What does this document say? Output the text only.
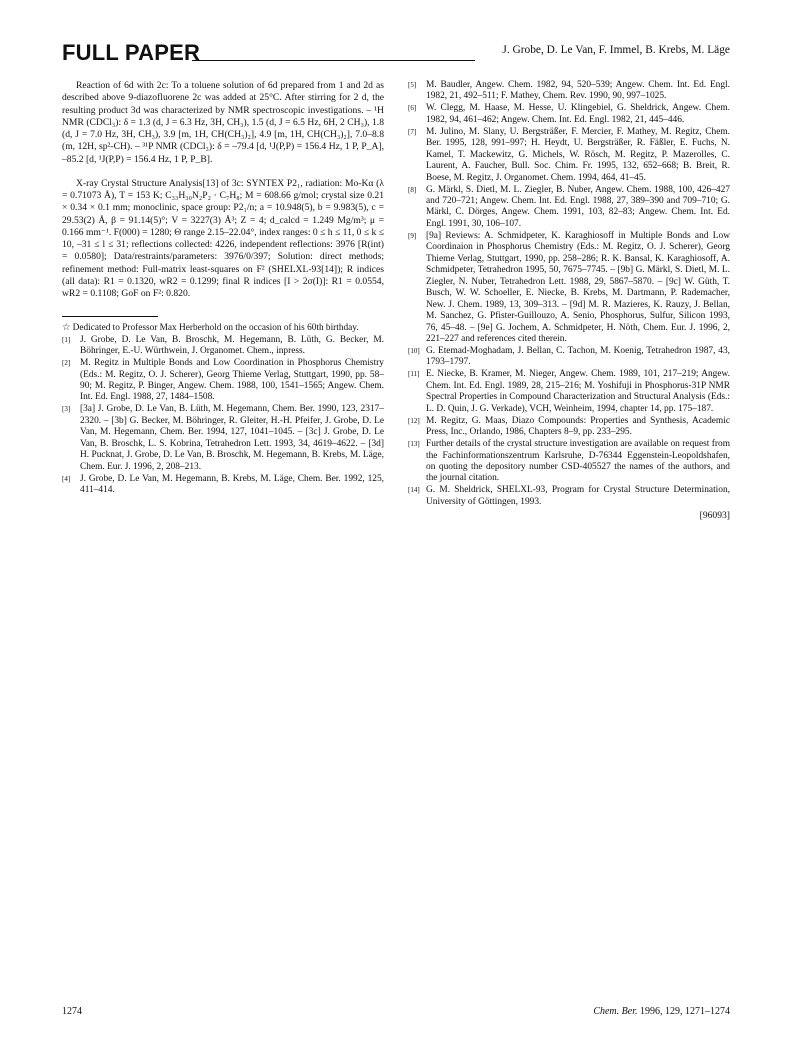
FULL PAPER	J. Grobe, D. Le Van, F. Immel, B. Krebs, M. Läge

Reaction of 6d with 2c: To a toluene solution of 6d prepared from 1 and 2d as described above 9-diazofluorene 2c was added at 25°C. After stirring for 2 d, the resulting product 3d was characterized by NMR spectroscopic investigations. – ¹H NMR (CDCl₃): δ = 1.3 (d, J = 6.3 Hz, 3H, CH₃), 1.5 (d, J = 6.5 Hz, 6H, 2 CH₃), 1.8 (d, J = 7.0 Hz, 3H, CH₃), 3.9 [m, 1H, CH(CH₃)₂], 4.9 [m, 1H, CH(CH₃)₂], 7.0–8.8 (m, 12H, sp²-CH). – ³¹P NMR (CDCl₃): δ = –79.4 [d, ¹J(P,P) = 156.4 Hz, 1 P, P_A], –85.2 [d, ¹J(P,P) = 156.4 Hz, 1 P, P_B].

X-ray Crystal Structure Analysis[13] of 3c: SYNTEX P2₁, radiation: Mo-Kα (λ = 0.71073 Å), T = 153 K; C₃₃H₃₀N₂P₂ · C₇H₈; M = 608.66 g/mol; crystal size 0.21 × 0.34 × 0.1 mm; monoclinic, space group: P2₁/n; a = 10.948(5), b = 9.983(5), c = 29.53(2) Å, β = 91.14(5)°; V = 3227(3) Å³; Z = 4; d_calcd = 1.249 Mg/m³; μ = 0.166 mm⁻¹. F(000) = 1280; Θ range 2.15–22.04°, index ranges: 0 ≤ h ≤ 11, 0 ≤ k ≤ 10, –31 ≤ l ≤ 31; reflections collected: 4226, independent reflections: 3976 [R(int) = 0.0580]; Data/restraints/parameters: 3976/0/397; Solution: direct methods; refinement method: Full-matrix least-squares on F² (SHELXL-93[14]); R indices (all data): R1 = 0.1320, wR2 = 0.1299; final R indices [I > 2σ(I)]: R1 = 0.0554, wR2 = 0.1108; GoF on F²: 0.820.

☆ Dedicated to Professor Max Herberhold on the occasion of his 60th birthday.

[1] J. Grobe, D. Le Van, B. Broschk, M. Hegemann, B. Lüth, G. Becker, M. Böhringer, E.-U. Würthwein, J. Organomet. Chem., inpress.
[2] M. Regitz in Multiple Bonds and Low Coordination in Phosphorus Chemistry (Eds.: M. Regitz, O. J. Scherer), Georg Thieme Verlag, Stuttgart, 1990, pp. 58–90; M. Regitz, P. Binger, Angew. Chem. 1988, 100, 1541–1565; Angew. Chem. Int. Ed. Engl. 1988, 27, 1484–1508.
[3] [3a] J. Grobe, D. Le Van, B. Lüth, M. Hegemann, Chem. Ber. 1990, 123, 2317–2320. – [3b] G. Becker, M. Böhringer, R. Gleiter, H.-H. Pfeifer, J. Grobe, D. Le Van, M. Hegemann, Chem. Ber. 1994, 127, 1041–1045. – [3c] J. Grobe, D. Le Van, B. Broschk, L. S. Kobrina, Tetrahedron Lett. 1993, 34, 4619–4622. – [3d] H. Pucknat, J. Grobe, D. Le Van, B. Broschk, M. Hegemann, B. Krebs, M. Läge, Chem. Eur. J. 1996, 2, 208–213.
[4] J. Grobe, D. Le Van, M. Hegemann, B. Krebs, M. Läge, Chem. Ber. 1992, 125, 411–414.
[5] M. Baudler, Angew. Chem. 1982, 94, 520–539; Angew. Chem. Int. Ed. Engl. 1982, 21, 492–511; F. Mathey, Chem. Rev. 1990, 90, 997–1025.
[6] W. Clegg, M. Haase, M. Hesse, U. Klingebiel, G. Sheldrick, Angew. Chem. 1982, 94, 461–462; Angew. Chem. Int. Ed. Engl. 1982, 21, 445–446.
[7] M. Julino, M. Slany, U. Bergsträßer, F. Mercier, F. Mathey, M. Regitz, Chem. Ber. 1995, 128, 991–997; H. Heydt, U. Bergsträßer, R. Fäßler, E. Fuchs, N. Kamel, T. Mackewitz, G. Michels, W. Rösch, M. Regitz, P. Mazerolles, C. Laurent, A. Faucher, Bull. Soc. Chim. Fr. 1995, 132, 652–668; B. Breit, R. Boese, M. Regitz, J. Organomet. Chem. 1994, 464, 41–45.
[8] G. Märkl, S. Dietl, M. L. Ziegler, B. Nuber, Angew. Chem. 1988, 100, 426–427 and 720–721; Angew. Chem. Int. Ed. Engl. 1988, 27, 389–390 and 709–710; G. Märkl, C. Dörges, Angew. Chem. 1991, 103, 82–83; Angew. Chem. Int. Ed. Engl. 1991, 30, 106–107.
[9] [9a] Reviews: A. Schmidpeter, K. Karaghiosoff in Multiple Bonds and Low Coordinaion in Phosphorus Chemistry (Eds.: M. Regitz, O. J. Scherer), Georg Thieme Verlag, Stuttgart, 1990, pp. 258–286; R. K. Bansal, K. Karaghiosoff, A. Schmidpeter, Tetrahedron 1995, 50, 7675–7745. – [9b] G. Märkl, S. Dietl, M. L. Ziegler, N. Nuber, Tetrahedron Lett. 1988, 29, 5867–5870. – [9c] W. Güth, T. Busch, W. W. Schoeller, E. Niecke, B. Krebs, M. Dartmann, P. Rademacher, New. J. Chem. 1989, 13, 309–313. – [9d] M. R. Mazieres, K. Rauzy, J. Bellan, M. Sanchez, G. Pfister-Guillouzo, A. Senio, Phosphorus, Sulfur, Silicon 1993, 76, 45–48. – [9e] G. Jochem, A. Schmidpeter, H. Nöth, Chem. Eur. J. 1996, 2, 221–227 and references cited therein.
[10] G. Etemad-Moghadam, J. Bellan, C. Tachon, M. Koenig, Tetrahedron 1987, 43, 1793–1797.
[11] E. Niecke, B. Kramer, M. Nieger, Angew. Chem. 1989, 101, 217–219; Angew. Chem. Int. Ed. Engl. 1989, 28, 215–216; M. Yoshifuji in Phosphorus-31P NMR Spectral Properties in Compound Characterization and Structural Analysis (Eds.: L. D. Quin, J. G. Verkade), VCH, Weinheim, 1994, chapter 14, pp. 175–187.
[12] M. Regitz, G. Maas, Diazo Compounds: Properties and Synthesis, Academic Press, Inc., Orlando, 1986, Chapters 8–9, pp. 233–295.
[13] Further details of the crystal structure investigation are available on request from the Fachinformationszentrum Karlsruhe, D-76344 Eggenstein-Leopoldshafen, on quoting the depository number CSD-405527 the names of the authors, and the journal citation.
[14] G. M. Sheldrick, SHELXL-93, Program for Crystal Structure Determination, University of Göttingen, 1993.
[96093]
1274	Chem. Ber. 1996, 129, 1271–1274
